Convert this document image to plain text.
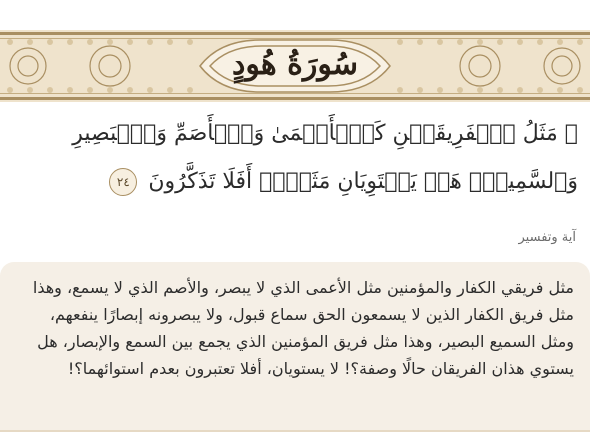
سُورَةُ هُودٍ
۞ مَثَلُ ٱلۡفَرِيقَيۡنِ كَٱلۡأَعۡمَىٰ وَٱلۡأَصَمِّ وَٱلۡبَصِيرِ وَٱلسَّمِيعِۚ هَلۡ يَسۡتَوِيَانِ مَثَلًاۚ أَفَلَا تَذَكَّرُونَ ٢٤
آية وتفسير
مثل فريقي الكفار والمؤمنين مثل الأعمى الذي لا يبصر، والأصم الذي لا يسمع، وهذا مثل فريق الكفار الذين لا يسمعون الحق سماع قبول، ولا يبصرونه إبصارًا ينفعهم، ومثل السميع البصير، وهذا مثل فريق المؤمنين الذي يجمع بين السمع والإبصار، هل يستوي هذان الفريقان حالًا وصفة؟! لا يستويان، أفلا تعتبرون بعدم استوائهما؟!
